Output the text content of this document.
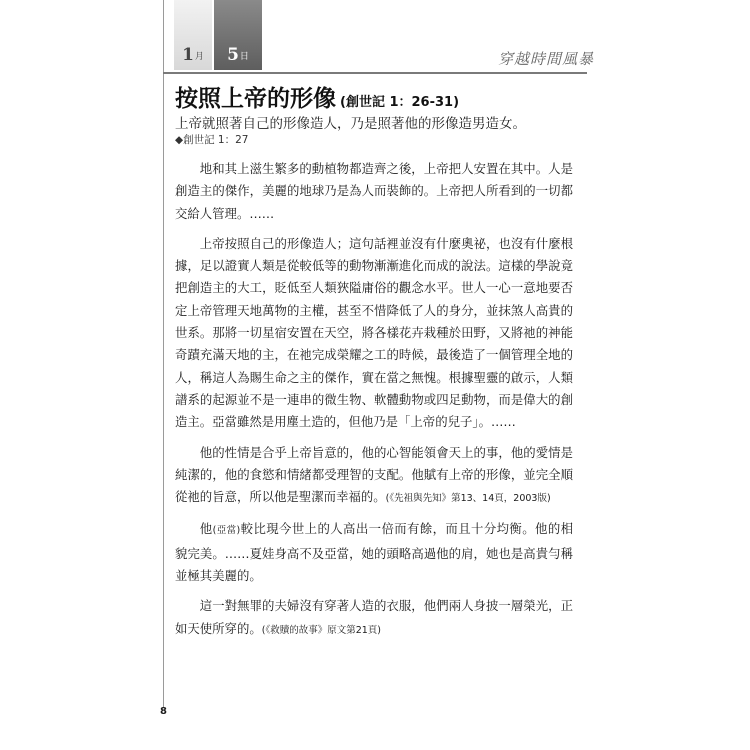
1 月 5 日	穿越時間風暴
按照上帝的形像 (創世記 1：26-31)
上帝就照著自己的形像造人，乃是照著他的形像造男造女。
◆創世記 1：27

地和其上滋生繁多的動植物都造齊之後，上帝把人安置在其中。人是創造主的傑作，美麗的地球乃是為人而裝飾的。上帝把人所看到的一切都交給人管理。……

上帝按照自己的形像造人；這句話裡並沒有什麼奧祕，也沒有什麼根據，足以證實人類是從較低等的動物漸漸進化而成的說法。這樣的學說竟把創造主的大工，貶低至人類狹隘庸俗的觀念水平。世人一心一意地要否定上帝管理天地萬物的主權，甚至不惜降低了人的身分，並抹煞人高貴的世系。那將一切星宿安置在天空，將各樣花卉栽種於田野，又將祂的神能奇蹟充滿天地的主，在祂完成榮耀之工的時候，最後造了一個管理全地的人，稱這人為賜生命之主的傑作，實在當之無愧。根據聖靈的啟示，人類譜系的起源並不是一連串的微生物、軟體動物或四足動物，而是偉大的創造主。亞當雖然是用塵土造的，但他乃是「上帝的兒子」。……

他的性情是合乎上帝旨意的，他的心智能領會天上的事，他的愛情是純潔的，他的食慾和情緒都受理智的支配。他賦有上帝的形像，並完全順從祂的旨意，所以他是聖潔而幸福的。(《先祖與先知》第13、14頁，2003版)

他(亞當)較比現今世上的人高出一倍而有餘，而且十分均衡。他的相貌完美。……夏娃身高不及亞當，她的頭略高過他的肩，她也是高貴勻稱並極其美麗的。

這一對無罪的夫婦沒有穿著人造的衣服，他們兩人身披一層榮光，正如天使所穿的。(《救贖的故事》原文第21頁)

8
